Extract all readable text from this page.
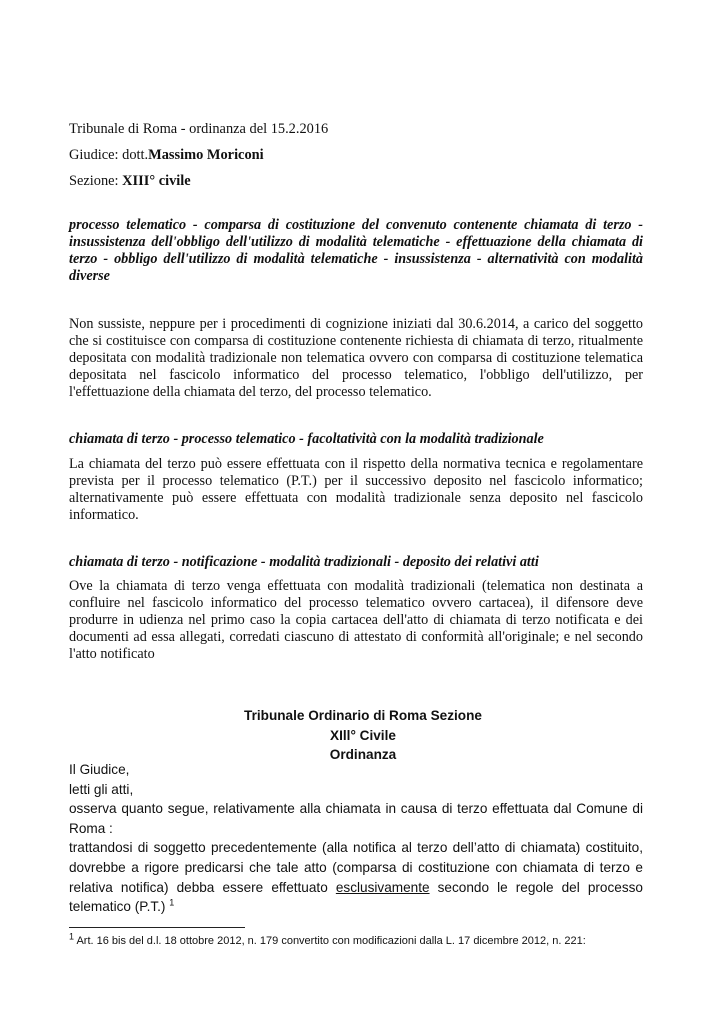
Tribunale di Roma - ordinanza del 15.2.2016
Giudice: dott.Massimo Moriconi
Sezione: XIII° civile

processo telematico - comparsa di costituzione del convenuto contenente chiamata di terzo - insussistenza dell'obbligo dell'utilizzo di modalità telematiche - effettuazione della chiamata di terzo - obbligo dell'utilizzo di modalità telematiche - insussistenza - alternatività con modalità diverse

Non sussiste, neppure per i procedimenti di cognizione iniziati dal 30.6.2014, a carico del soggetto che si costituisce con comparsa di costituzione contenente richiesta di chiamata di terzo, ritualmente depositata con modalità tradizionale non telematica ovvero con comparsa di costituzione telematica depositata nel fascicolo informatico del processo telematico, l'obbligo dell'utilizzo, per l'effettuazione della chiamata del terzo, del processo telematico.

chiamata di terzo - processo telematico - facoltatività con la modalità tradizionale

La chiamata del terzo può essere effettuata con il rispetto della normativa tecnica e regolamentare prevista per il processo telematico (P.T.) per il successivo deposito nel fascicolo informatico; alternativamente può essere effettuata con modalità tradizionale senza deposito nel fascicolo informatico.

chiamata di terzo - notificazione - modalità tradizionali - deposito dei relativi atti

Ove la chiamata di terzo venga effettuata con modalità tradizionali (telematica non destinata a confluire nel fascicolo informatico del processo telematico ovvero cartacea), il difensore deve produrre in udienza nel primo caso la copia cartacea dell'atto di chiamata di terzo notificata e dei documenti ad essa allegati, corredati ciascuno di attestato di conformità all'originale; e nel secondo l'atto notificato

Tribunale Ordinario di Roma Sezione
XIll° Civile
Ordinanza
Il Giudice,
letti gli atti,
osserva quanto segue, relativamente alla chiamata in causa di terzo effettuata dal Comune di Roma :
trattandosi di soggetto precedentemente (alla notifica al terzo dell’atto di chiamata) costituito, dovrebbe a rigore predicarsi che tale atto (comparsa di costituzione con chiamata di terzo e relativa notifica) debba essere effettuato esclusivamente secondo le regole del processo telematico (P.T.) $^1$
$^1$ Art. 16 bis del d.l. 18 ottobre 2012, n. 179 convertito con modificazioni dalla L. 17 dicembre 2012, n. 221:
